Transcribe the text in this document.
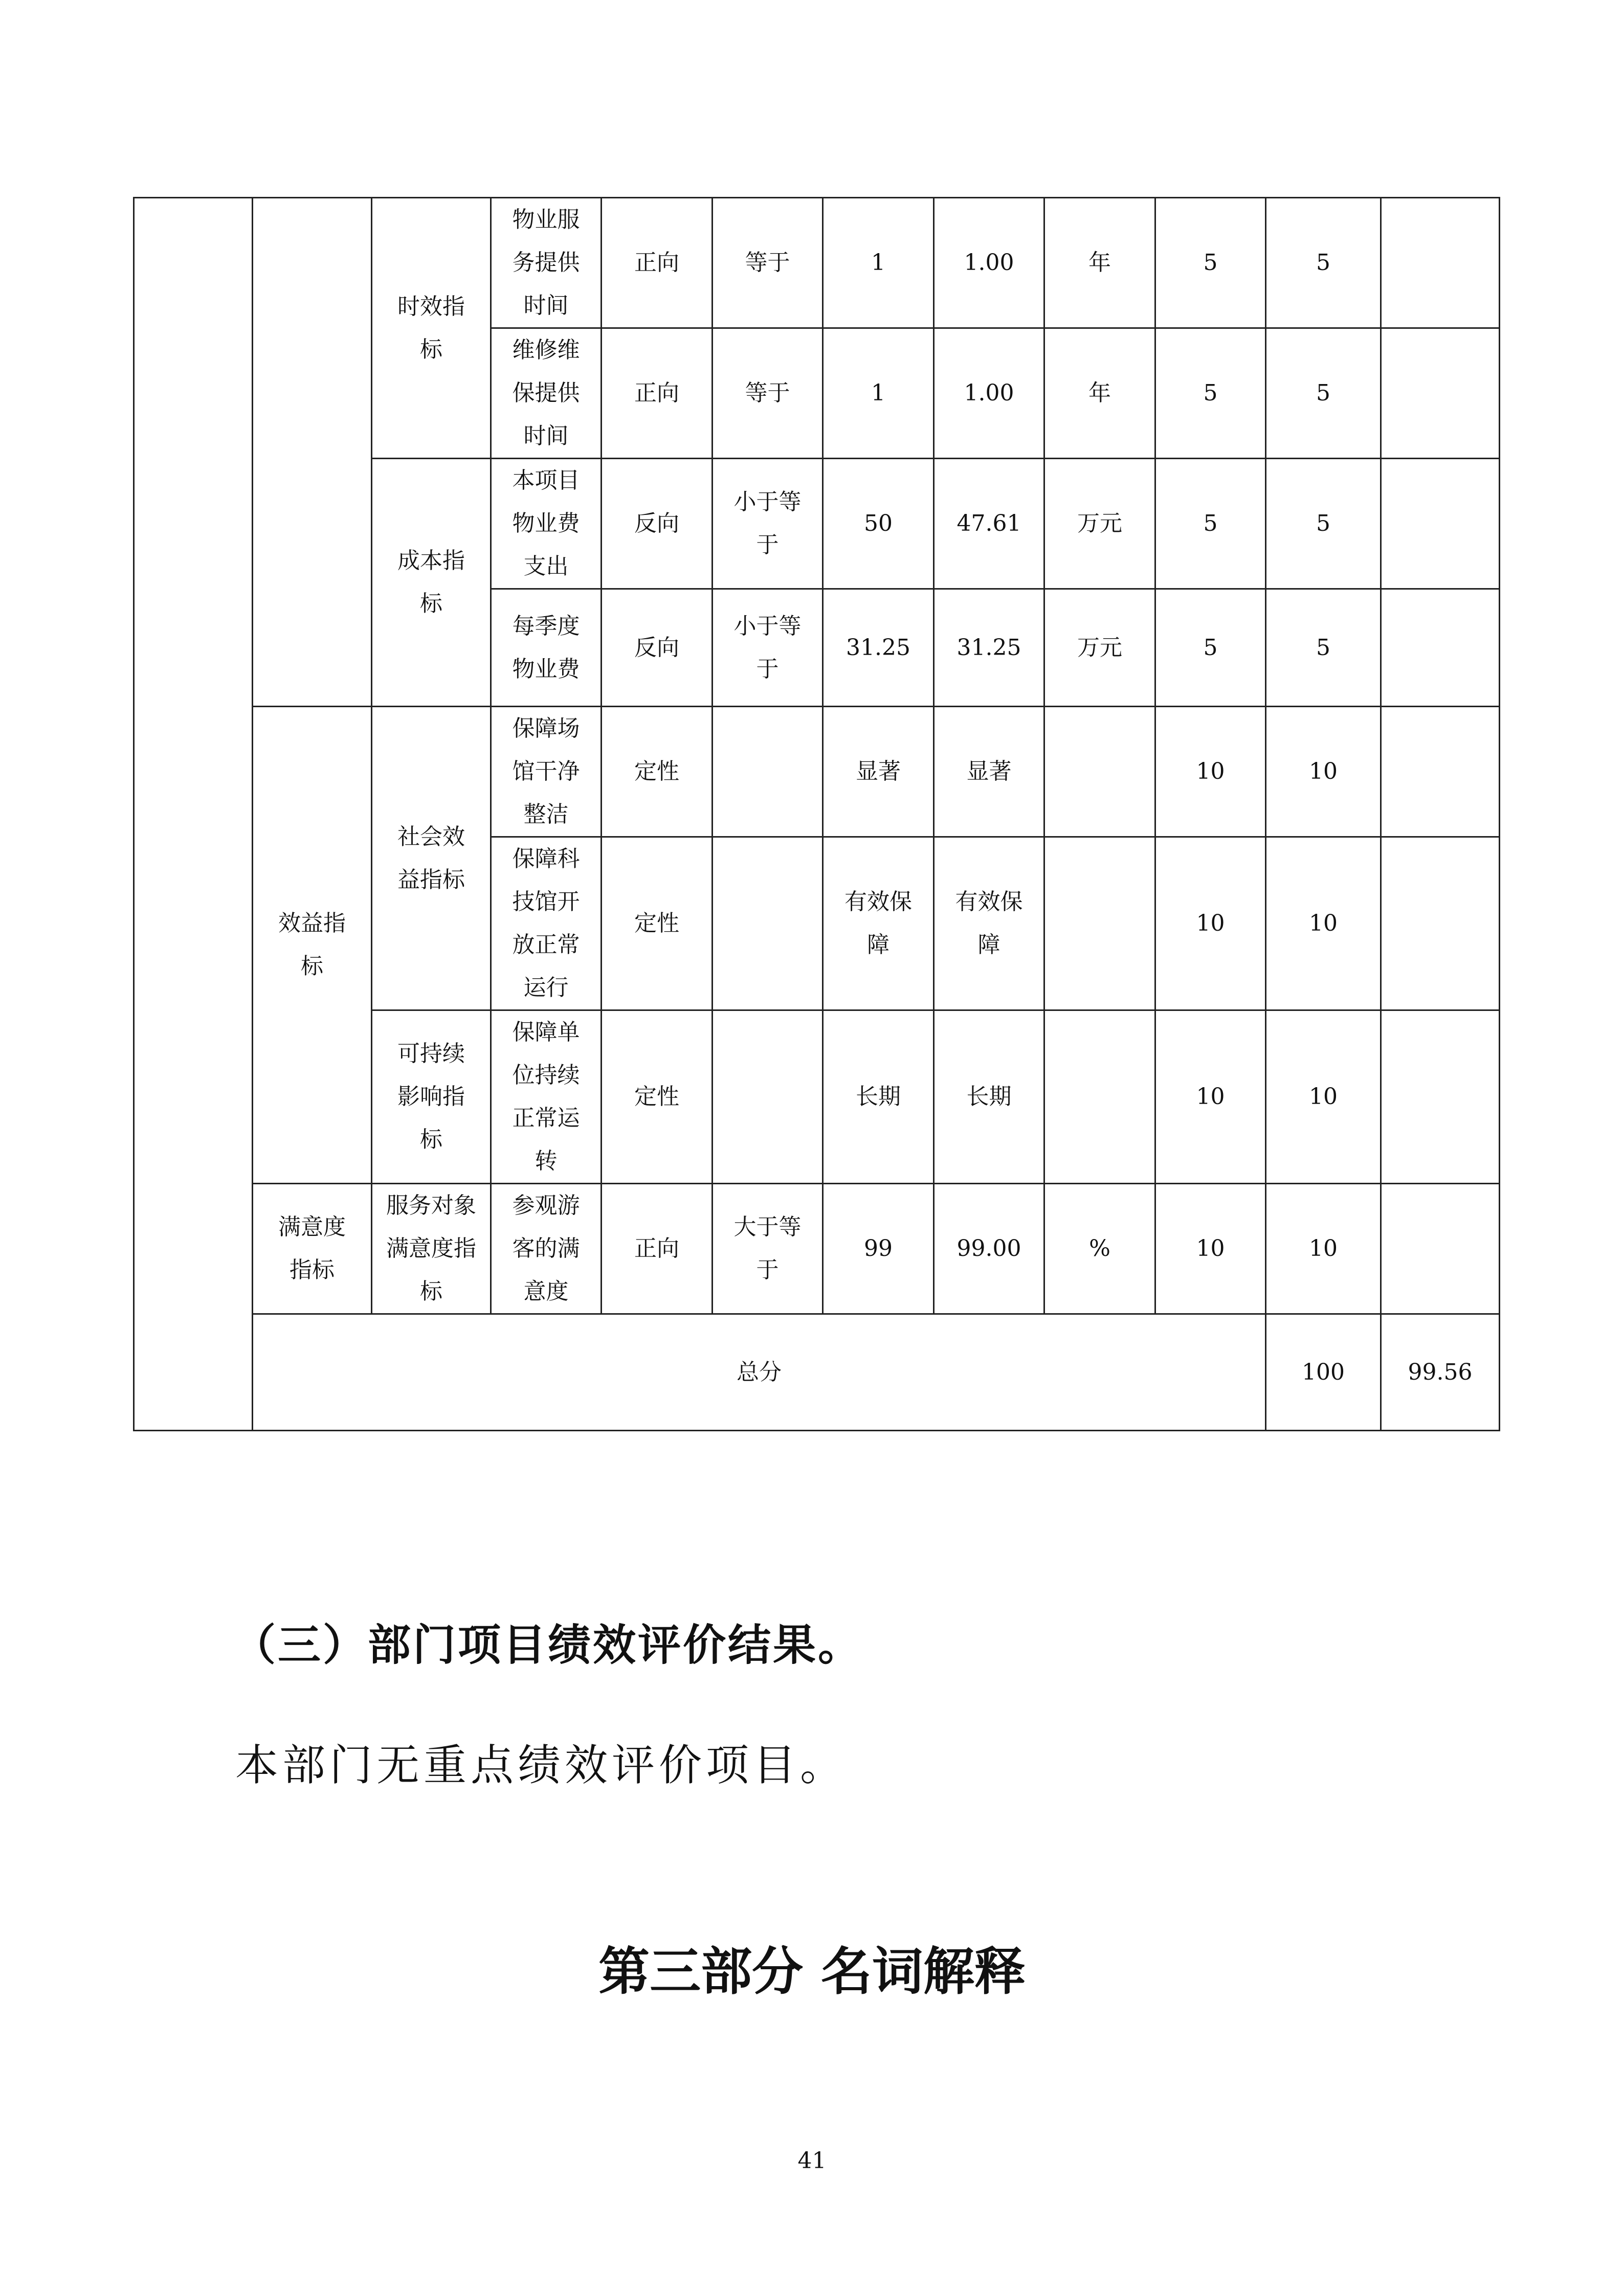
		时效指标	物业服务提供时间	正向	等于	1	1.00	年	5	5		
			维修维保提供时间	正向	等于	1	1.00	年	5	5		
		成本指标	本项目物业费支出	反向	小于等于	50	47.61	万元	5	5		
			每季度物业费	反向	小于等于	31.25	31.25	万元	5	5		
	效益指标	社会效益指标	保障场馆干净整洁	定性		显著	显著		10	10		
			保障科技馆开放正常运行	定性		有效保障	有效保障		10	10		
		可持续影响指标	保障单位持续正常运转	定性		长期	长期		10	10		
	满意度指标	服务对象满意度指标	参观游客的满意度	正向	大于等于	99	99.00	%	10	10		
	总分									100	99.56	
（三）部门项目绩效评价结果。

本部门无重点绩效评价项目。

第三部分 名词解释
41
